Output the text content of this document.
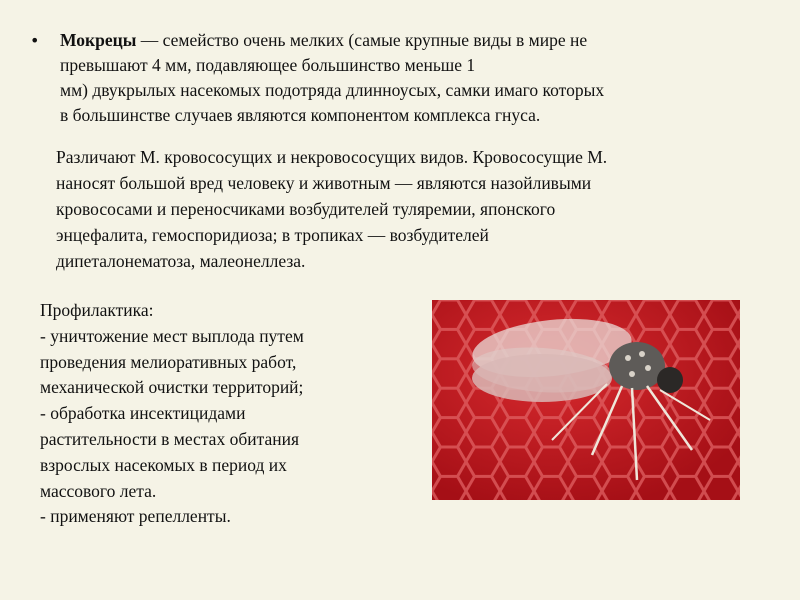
• Мокрецы — семейство очень мелких (самые крупные виды в мире не
превышают 4 мм, подавляющее большинство меньше 1
мм) двукрылых насекомых подотряда длинноусых, самки имаго которых
в большинстве случаев являются компонентом комплекса гнуса.
Различают М. кровососущих и некровососущих видов. Кровососущие М.
наносят большой вред человеку и животным — являются назойливыми
кровососами и переносчиками возбудителей туляремии, японского
энцефалита, гемоспоридиоза; в тропиках — возбудителей
дипеталонематоза, малеонеллеза.
Профилактика:
- уничтожение мест выплода путем
проведения мелиоративных работ,
механической очистки территорий;
- обработка инсектицидами
растительности в местах обитания
взрослых насекомых в период их
массового лета.
- применяют репелленты.
